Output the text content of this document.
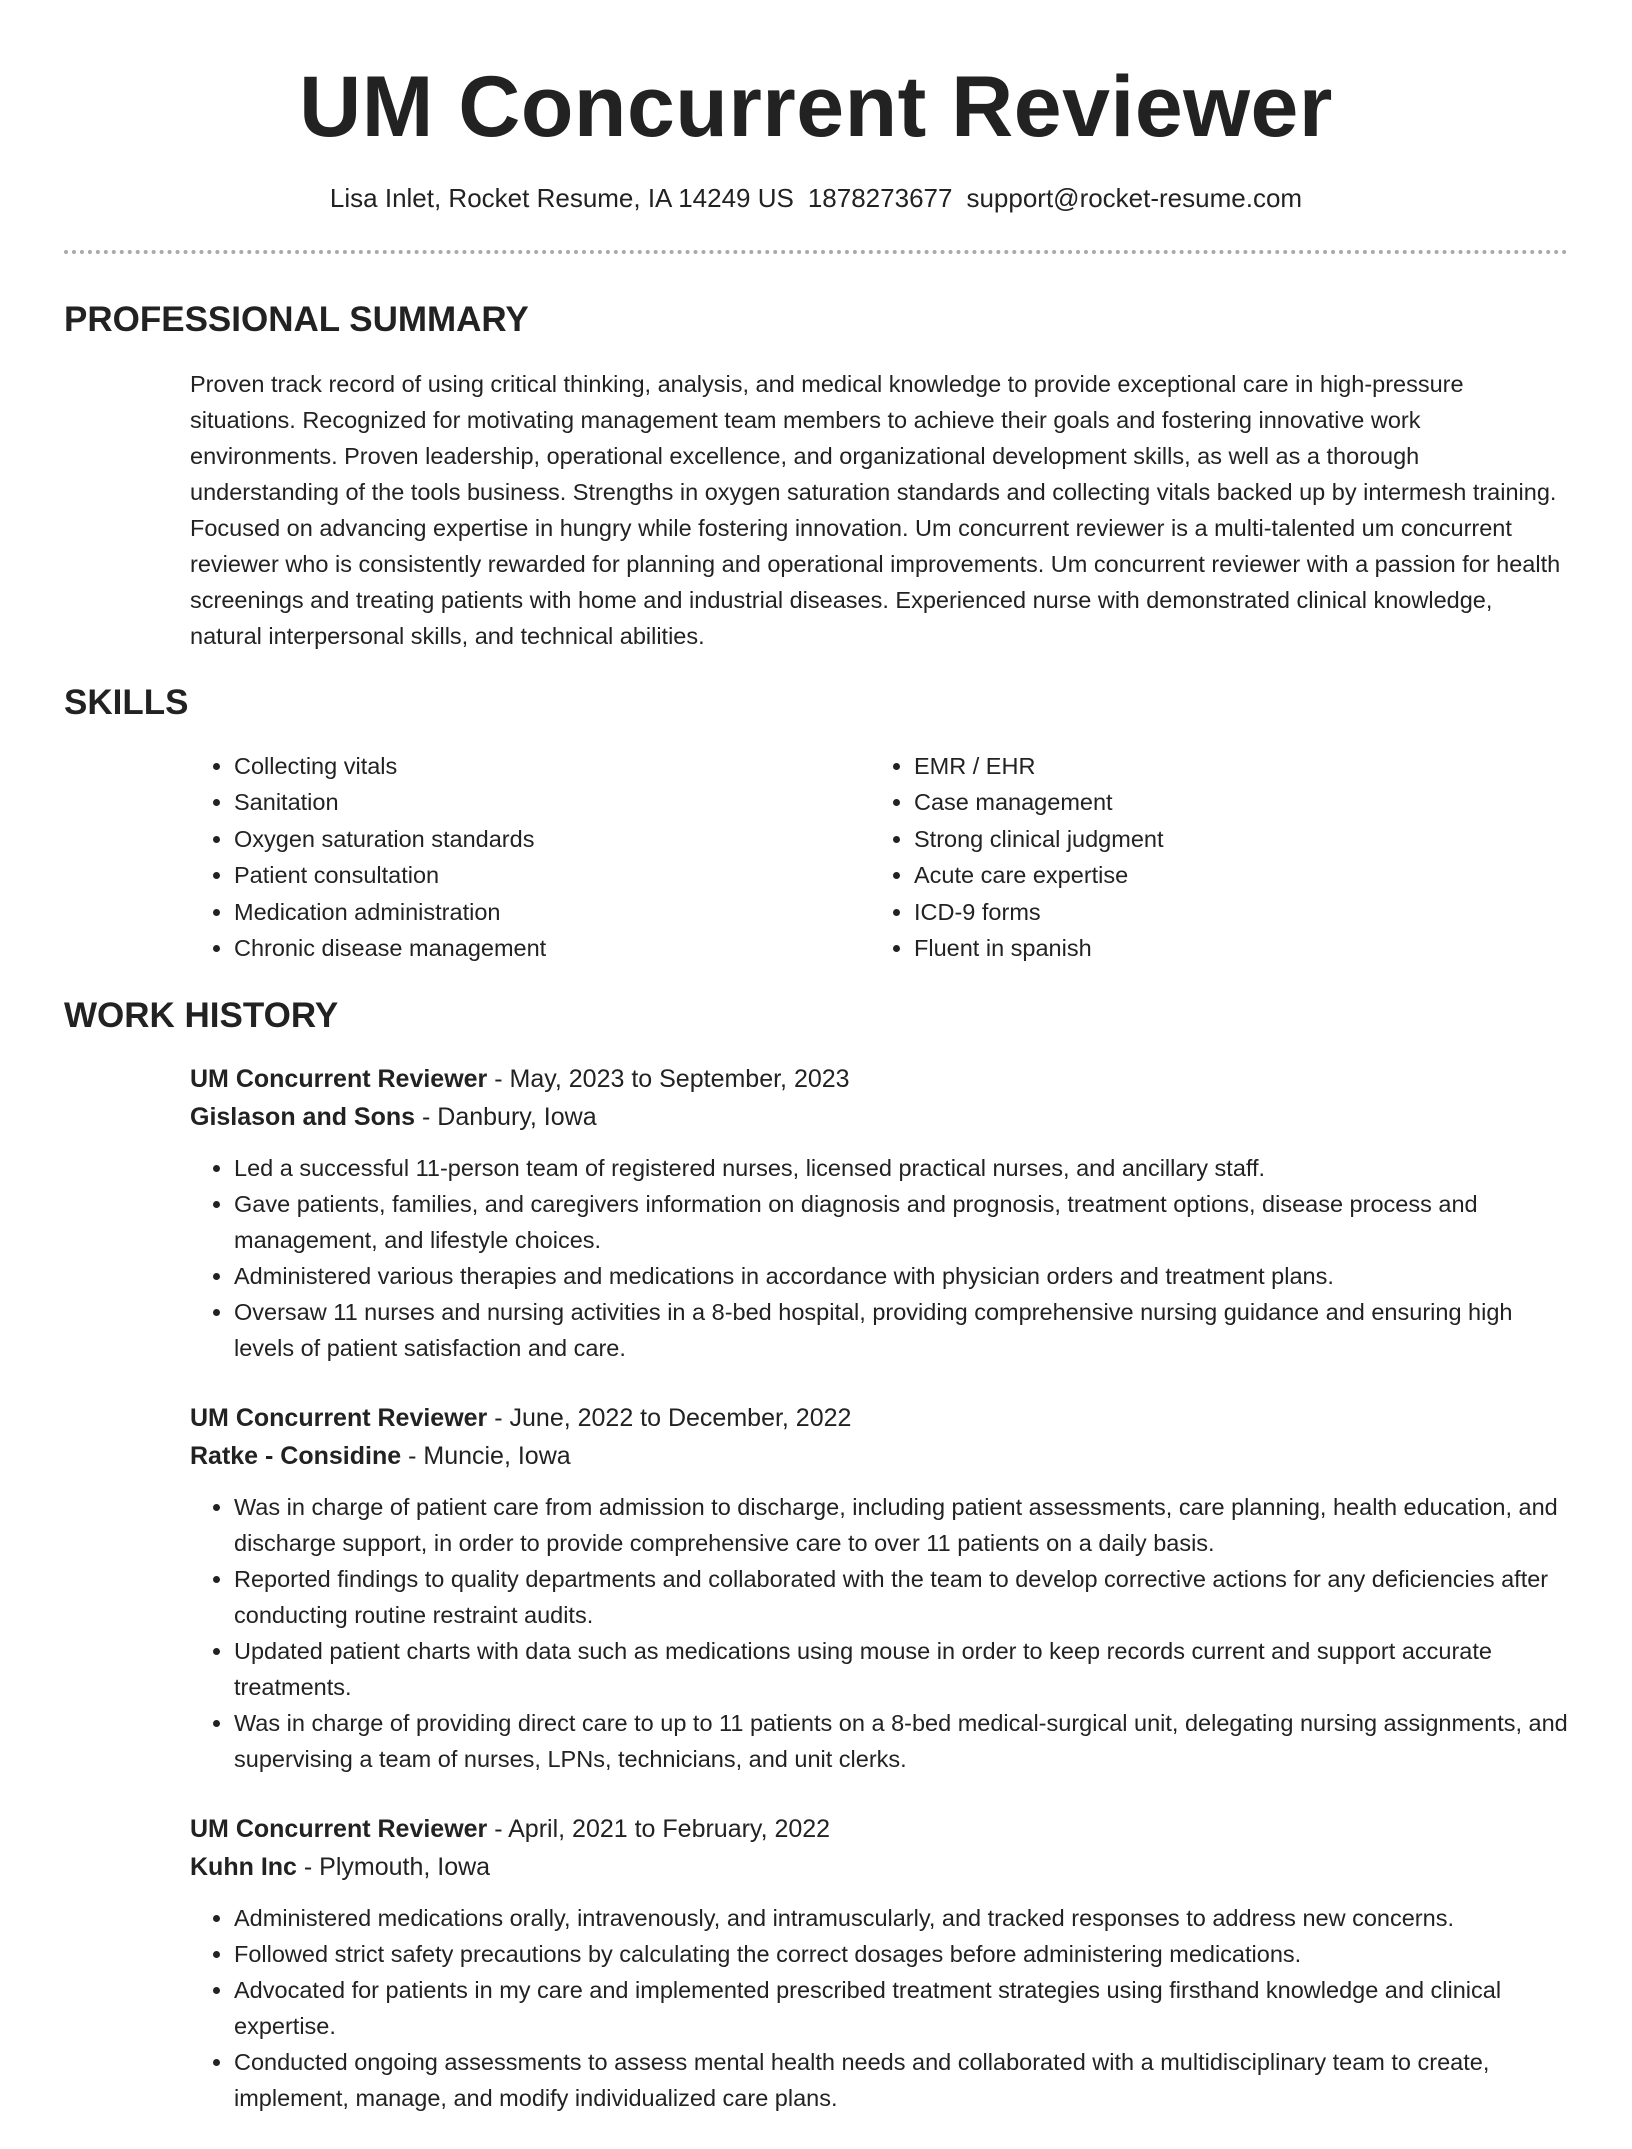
UM Concurrent Reviewer
Lisa Inlet, Rocket Resume, IA 14249 US 1878273677 support@rocket-resume.com
PROFESSIONAL SUMMARY

Proven track record of using critical thinking, analysis, and medical knowledge to provide exceptional care in high-pressure situations. Recognized for motivating management team members to achieve their goals and fostering innovative work environments. Proven leadership, operational excellence, and organizational development skills, as well as a thorough understanding of the tools business. Strengths in oxygen saturation standards and collecting vitals backed up by intermesh training. Focused on advancing expertise in hungry while fostering innovation. Um concurrent reviewer is a multi-talented um concurrent reviewer who is consistently rewarded for planning and operational improvements. Um concurrent reviewer with a passion for health screenings and treating patients with home and industrial diseases. Experienced nurse with demonstrated clinical knowledge, natural interpersonal skills, and technical abilities.

SKILLS
• Collecting vitals
• Sanitation
• Oxygen saturation standards
• Patient consultation
• Medication administration
• Chronic disease management
• EMR / EHR
• Case management
• Strong clinical judgment
• Acute care expertise
• ICD-9 forms
• Fluent in spanish
WORK HISTORY

UM Concurrent Reviewer - May, 2023 to September, 2023

Gislason and Sons - Danbury, Iowa

• Led a successful 11-person team of registered nurses, licensed practical nurses, and ancillary staff.
• Gave patients, families, and caregivers information on diagnosis and prognosis, treatment options, disease process and management, and lifestyle choices.
• Administered various therapies and medications in accordance with physician orders and treatment plans.
• Oversaw 11 nurses and nursing activities in a 8-bed hospital, providing comprehensive nursing guidance and ensuring high levels of patient satisfaction and care.

UM Concurrent Reviewer - June, 2022 to December, 2022

Ratke - Considine - Muncie, Iowa

• Was in charge of patient care from admission to discharge, including patient assessments, care planning, health education, and discharge support, in order to provide comprehensive care to over 11 patients on a daily basis.
• Reported findings to quality departments and collaborated with the team to develop corrective actions for any deficiencies after conducting routine restraint audits.
• Updated patient charts with data such as medications using mouse in order to keep records current and support accurate treatments.
• Was in charge of providing direct care to up to 11 patients on a 8-bed medical-surgical unit, delegating nursing assignments, and supervising a team of nurses, LPNs, technicians, and unit clerks.

UM Concurrent Reviewer - April, 2021 to February, 2022

Kuhn Inc - Plymouth, Iowa

• Administered medications orally, intravenously, and intramuscularly, and tracked responses to address new concerns.
• Followed strict safety precautions by calculating the correct dosages before administering medications.
• Advocated for patients in my care and implemented prescribed treatment strategies using firsthand knowledge and clinical expertise.
• Conducted ongoing assessments to assess mental health needs and collaborated with a multidisciplinary team to create, implement, manage, and modify individualized care plans.
